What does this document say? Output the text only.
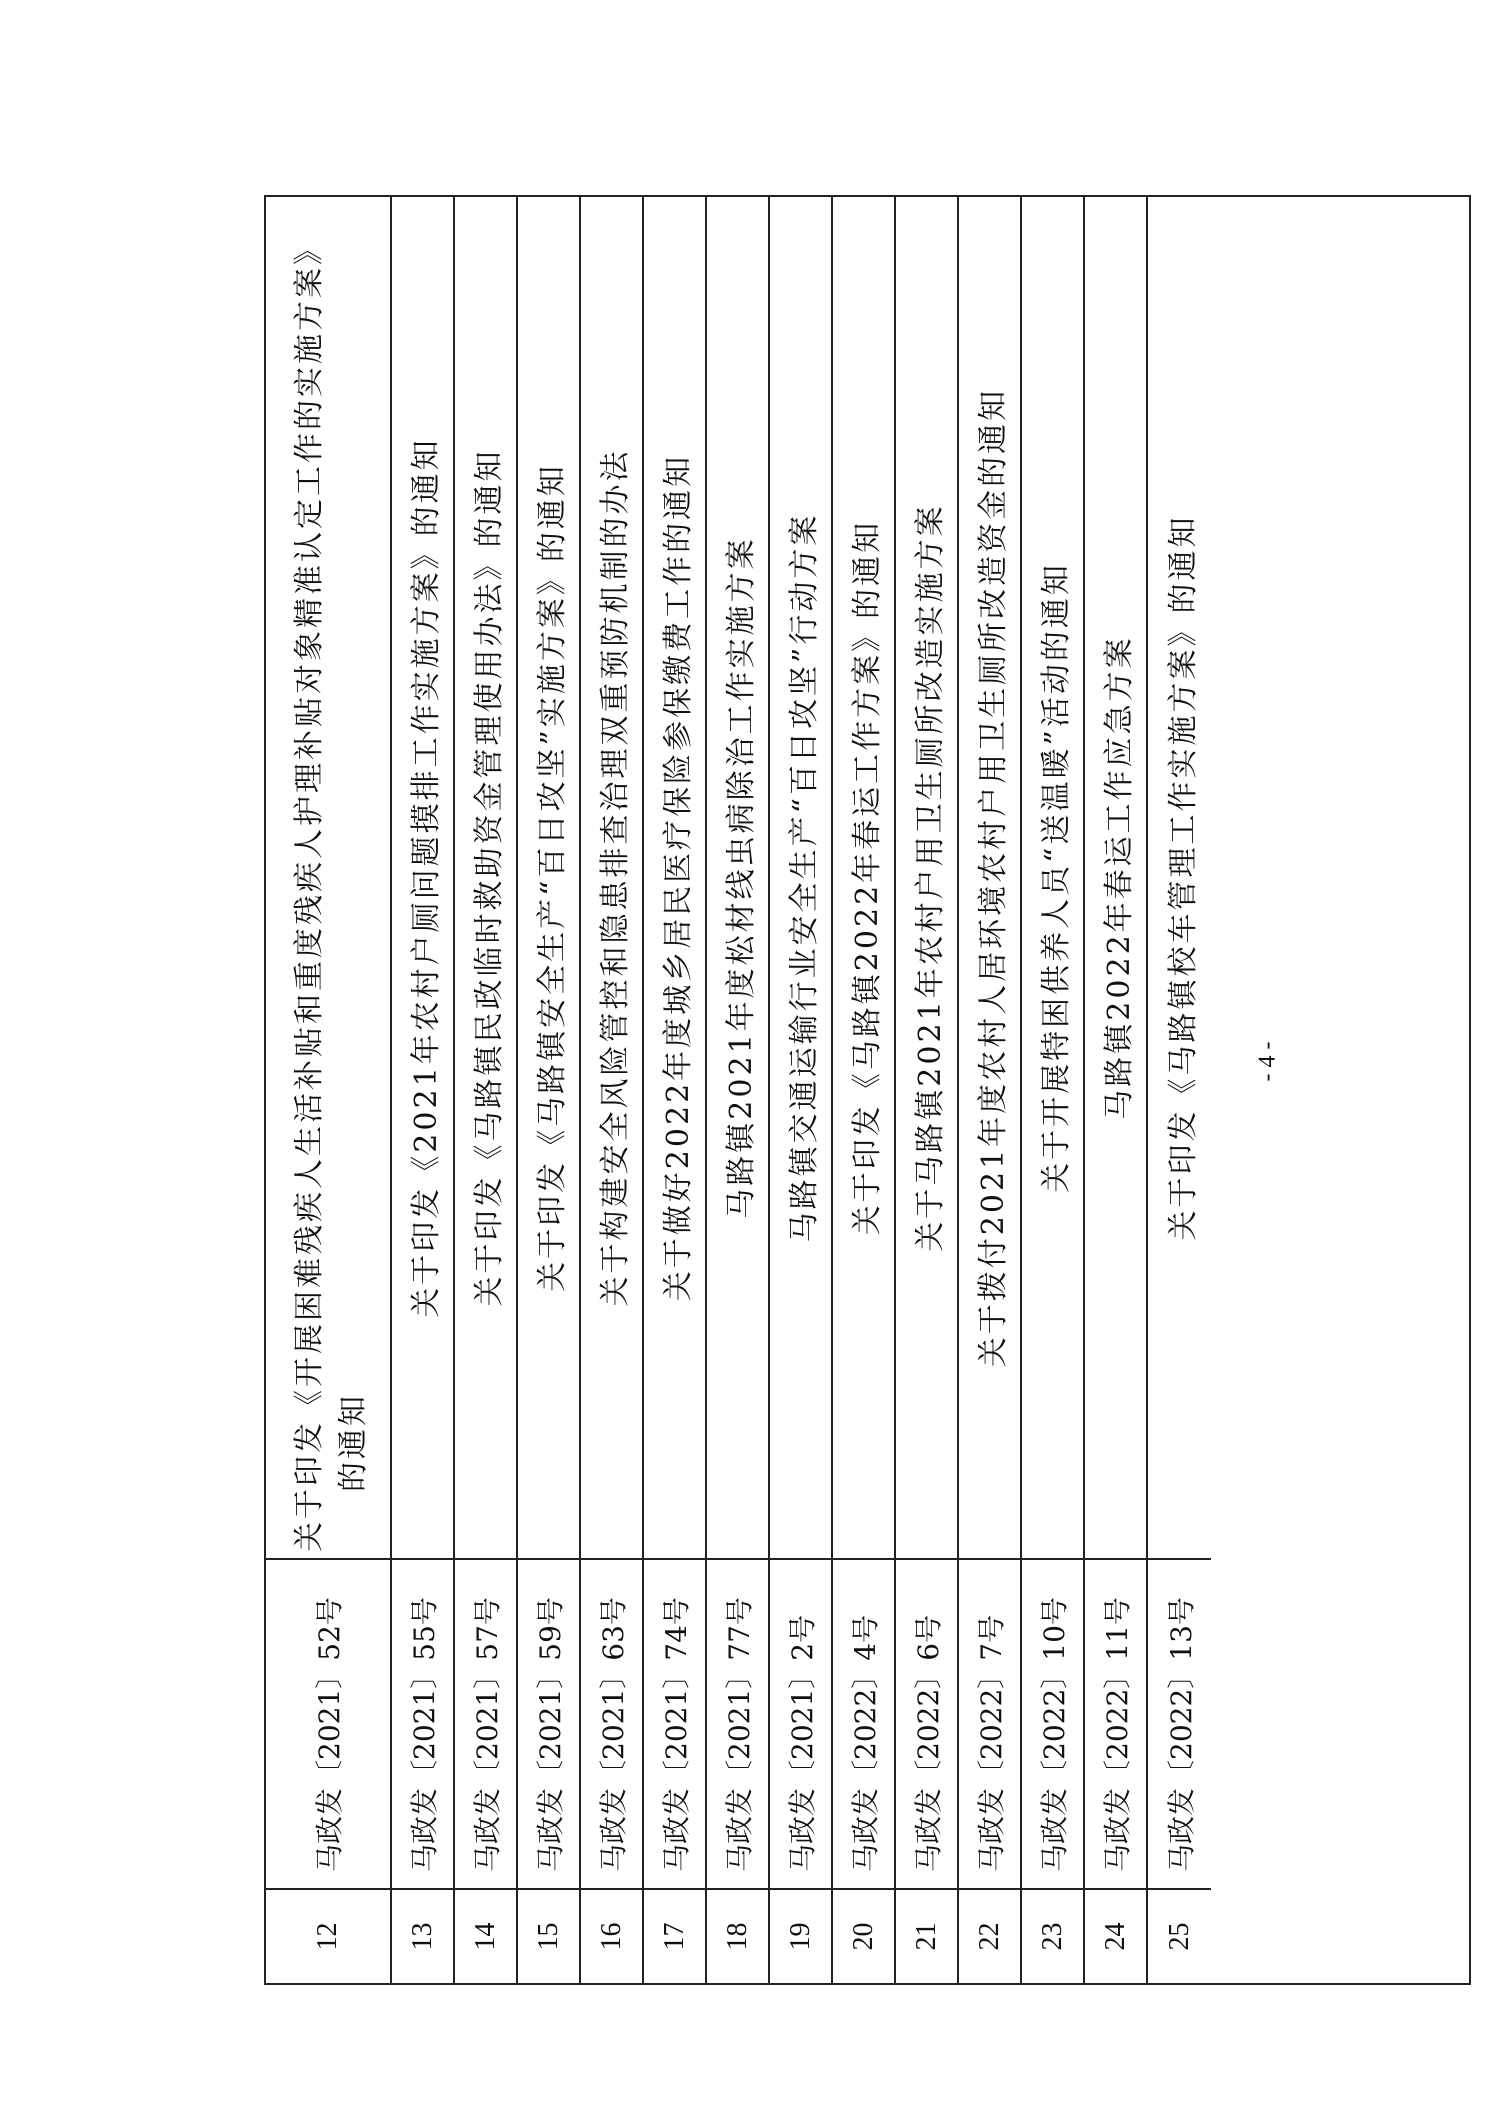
12
马政发〔2021〕52号
关于印发《开展困难残疾人生活补贴和重度残疾人护理补贴对象精准认定工作的实施方案》 的通知
13
马政发〔2021〕55号
关于印发《2021年农村户厕问题摸排工作实施方案》的通知
14
马政发〔2021〕57号
关于印发《马路镇民政临时救助资金管理使用办法》的通知
15
马政发〔2021〕59号
关于印发《马路镇安全生产“百日攻坚”实施方案》的通知
16
马政发〔2021〕63号
关于构建安全风险管控和隐患排查治理双重预防机制的办法
17
马政发〔2021〕74号
关于做好2022年度城乡居民医疗保险参保缴费工作的通知
18
马政发〔2021〕77号
马路镇2021年度松材线虫病除治工作实施方案
19
马政发〔2021〕2号
马路镇交通运输行业安全生产“百日攻坚”行动方案
20
马政发〔2022〕4号
关于印发《马路镇2022年春运工作方案》的通知
21
马政发〔2022〕6号
关于马路镇2021年农村户用卫生厕所改造实施方案
22
马政发〔2022〕7号
关于拨付2021年度农村人居环境农村户用卫生厕所改造资金的通知
23
马政发〔2022〕10号
关于开展特困供养人员“送温暖”活动的通知
24
马政发〔2022〕11号
马路镇2022年春运工作应急方案
25
马政发〔2022〕13号
关于印发《马路镇校车管理工作实施方案》的通知 - 4 -
